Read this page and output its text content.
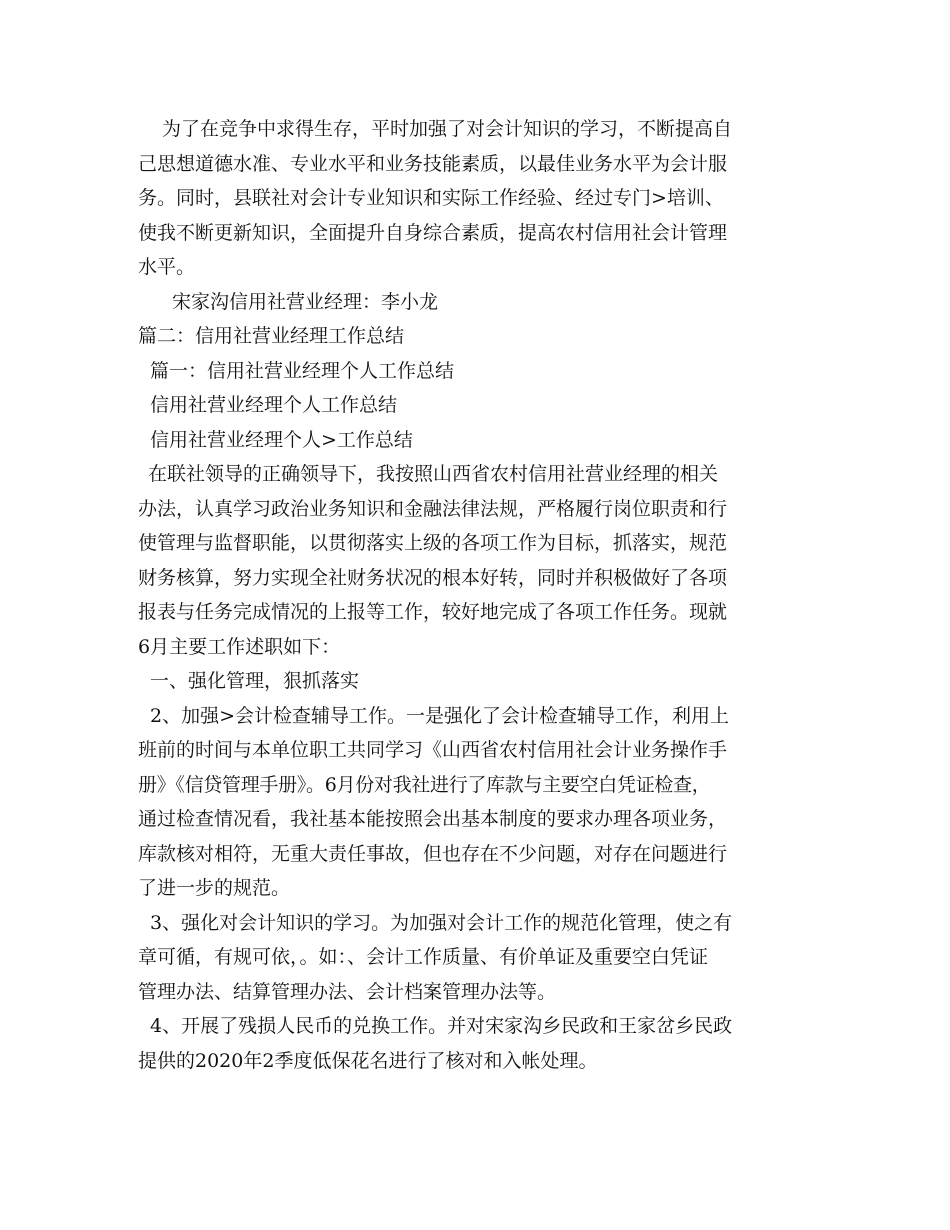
为了在竞争中求得生存，平时加强了对会计知识的学习，不断提高自
己思想道德水准、专业水平和业务技能素质，以最佳业务水平为会计服
务。同时，县联社对会计专业知识和实际工作经验、经过专门>培训、
使我不断更新知识，全面提升自身综合素质，提高农村信用社会计管理
水平。
宋家沟信用社营业经理：李小龙
篇二：信用社营业经理工作总结
篇一：信用社营业经理个人工作总结
信用社营业经理个人工作总结
信用社营业经理个人>工作总结
在联社领导的正确领导下，我按照山西省农村信用社营业经理的相关
办法，认真学习政治业务知识和金融法律法规，严格履行岗位职责和行
使管理与监督职能，以贯彻落实上级的各项工作为目标，抓落实，规范
财务核算，努力实现全社财务状况的根本好转，同时并积极做好了各项
报表与任务完成情况的上报等工作，较好地完成了各项工作任务。现就
6月主要工作述职如下：
一、强化管理，狠抓落实
2、加强>会计检查辅导工作。一是强化了会计检查辅导工作，利用上
班前的时间与本单位职工共同学习《山西省农村信用社会计业务操作手
册》《信贷管理手册》。6月份对我社进行了库款与主要空白凭证检查，
通过检查情况看，我社基本能按照会出基本制度的要求办理各项业务，
库款核对相符，无重大责任事故，但也存在不少问题，对存在问题进行
了进一步的规范。
3、强化对会计知识的学习。为加强对会计工作的规范化管理，使之有
章可循，有规可依，。如：、会计工作质量、有价单证及重要空白凭证
管理办法、结算管理办法、会计档案管理办法等。
4、开展了残损人民币的兑换工作。并对宋家沟乡民政和王家岔乡民政
提供的2020年2季度低保花名进行了核对和入帐处理。
